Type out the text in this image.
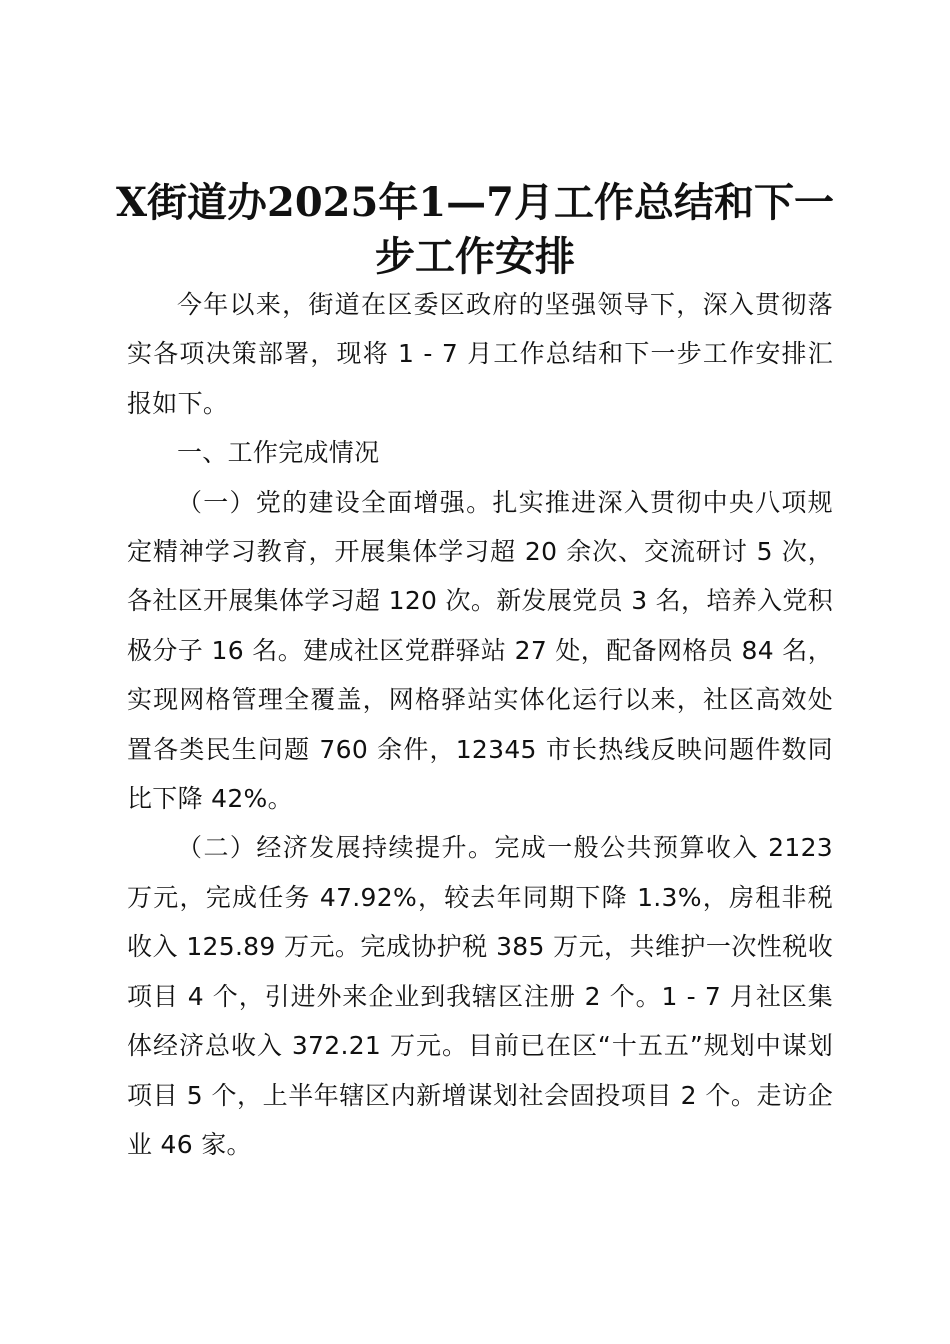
X街道办2025年1—7月工作总结和下一步工作安排

今年以来，街道在区委区政府的坚强领导下，深入贯彻落实各项决策部署，现将 1 - 7 月工作总结和下一步工作安排汇报如下。

一、工作完成情况

（一）党的建设全面增强。扎实推进深入贯彻中央八项规定精神学习教育，开展集体学习超 20 余次、交流研讨 5 次，各社区开展集体学习超 120 次。新发展党员 3 名，培养入党积极分子 16 名。建成社区党群驿站 27 处，配备网格员 84 名，实现网格管理全覆盖，网格驿站实体化运行以来，社区高效处置各类民生问题 760 余件，12345 市长热线反映问题件数同比下降 42%。

（二）经济发展持续提升。完成一般公共预算收入 2123 万元，完成任务 47.92%，较去年同期下降 1.3%，房租非税收入 125.89 万元。完成协护税 385 万元，共维护一次性税收项目 4 个，引进外来企业到我辖区注册 2 个。1 - 7 月社区集体经济总收入 372.21 万元。目前已在区“十五五”规划中谋划项目 5 个，上半年辖区内新增谋划社会固投项目 2 个。走访企业 46 家。
